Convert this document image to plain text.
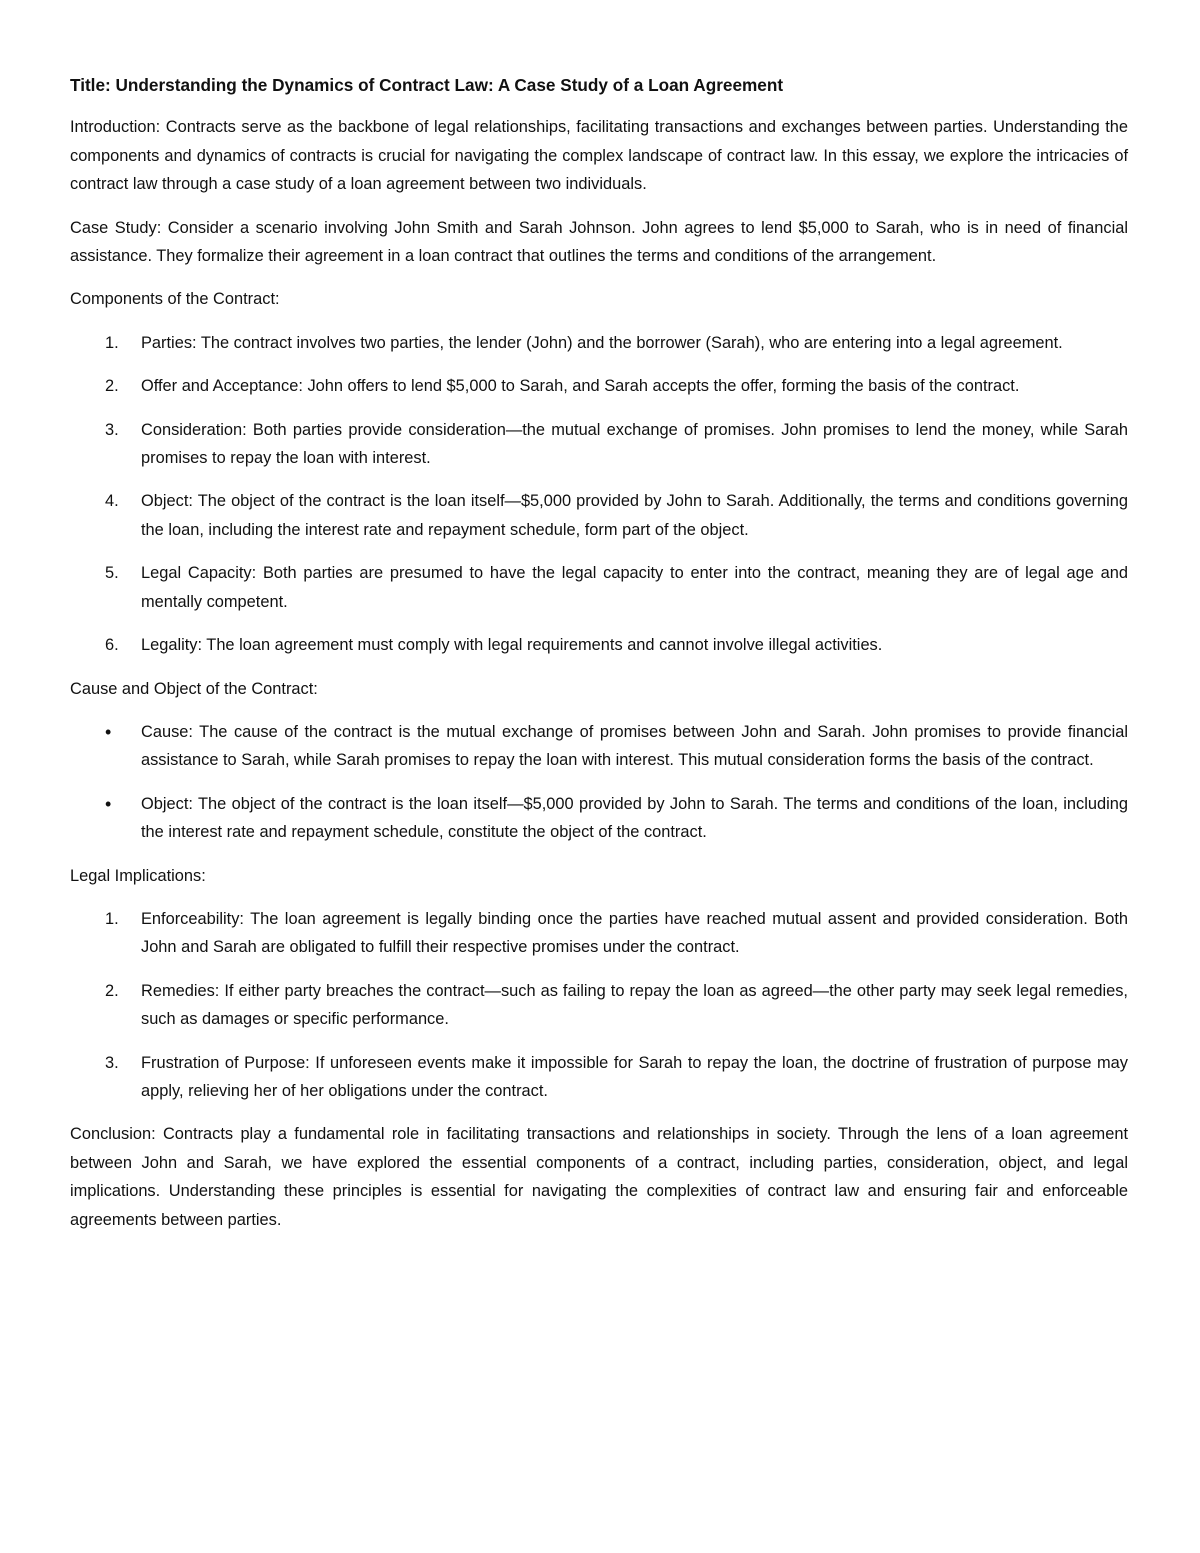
Title: Understanding the Dynamics of Contract Law: A Case Study of a Loan Agreement

Introduction: Contracts serve as the backbone of legal relationships, facilitating transactions and exchanges between parties. Understanding the components and dynamics of contracts is crucial for navigating the complex landscape of contract law. In this essay, we explore the intricacies of contract law through a case study of a loan agreement between two individuals.

Case Study: Consider a scenario involving John Smith and Sarah Johnson. John agrees to lend $5,000 to Sarah, who is in need of financial assistance. They formalize their agreement in a loan contract that outlines the terms and conditions of the arrangement.

Components of the Contract:
1. Parties: The contract involves two parties, the lender (John) and the borrower (Sarah), who are entering into a legal agreement.
2. Offer and Acceptance: John offers to lend $5,000 to Sarah, and Sarah accepts the offer, forming the basis of the contract.
3. Consideration: Both parties provide consideration—the mutual exchange of promises. John promises to lend the money, while Sarah promises to repay the loan with interest.
4. Object: The object of the contract is the loan itself—$5,000 provided by John to Sarah. Additionally, the terms and conditions governing the loan, including the interest rate and repayment schedule, form part of the object.
5. Legal Capacity: Both parties are presumed to have the legal capacity to enter into the contract, meaning they are of legal age and mentally competent.
6. Legality: The loan agreement must comply with legal requirements and cannot involve illegal activities.
Cause and Object of the Contract:
• Cause: The cause of the contract is the mutual exchange of promises between John and Sarah. John promises to provide financial assistance to Sarah, while Sarah promises to repay the loan with interest. This mutual consideration forms the basis of the contract.
• Object: The object of the contract is the loan itself—$5,000 provided by John to Sarah. The terms and conditions of the loan, including the interest rate and repayment schedule, constitute the object of the contract.
Legal Implications:
1. Enforceability: The loan agreement is legally binding once the parties have reached mutual assent and provided consideration. Both John and Sarah are obligated to fulfill their respective promises under the contract.
2. Remedies: If either party breaches the contract—such as failing to repay the loan as agreed—the other party may seek legal remedies, such as damages or specific performance.
3. Frustration of Purpose: If unforeseen events make it impossible for Sarah to repay the loan, the doctrine of frustration of purpose may apply, relieving her of her obligations under the contract.

Conclusion: Contracts play a fundamental role in facilitating transactions and relationships in society. Through the lens of a loan agreement between John and Sarah, we have explored the essential components of a contract, including parties, consideration, object, and legal implications. Understanding these principles is essential for navigating the complexities of contract law and ensuring fair and enforceable agreements between parties.
